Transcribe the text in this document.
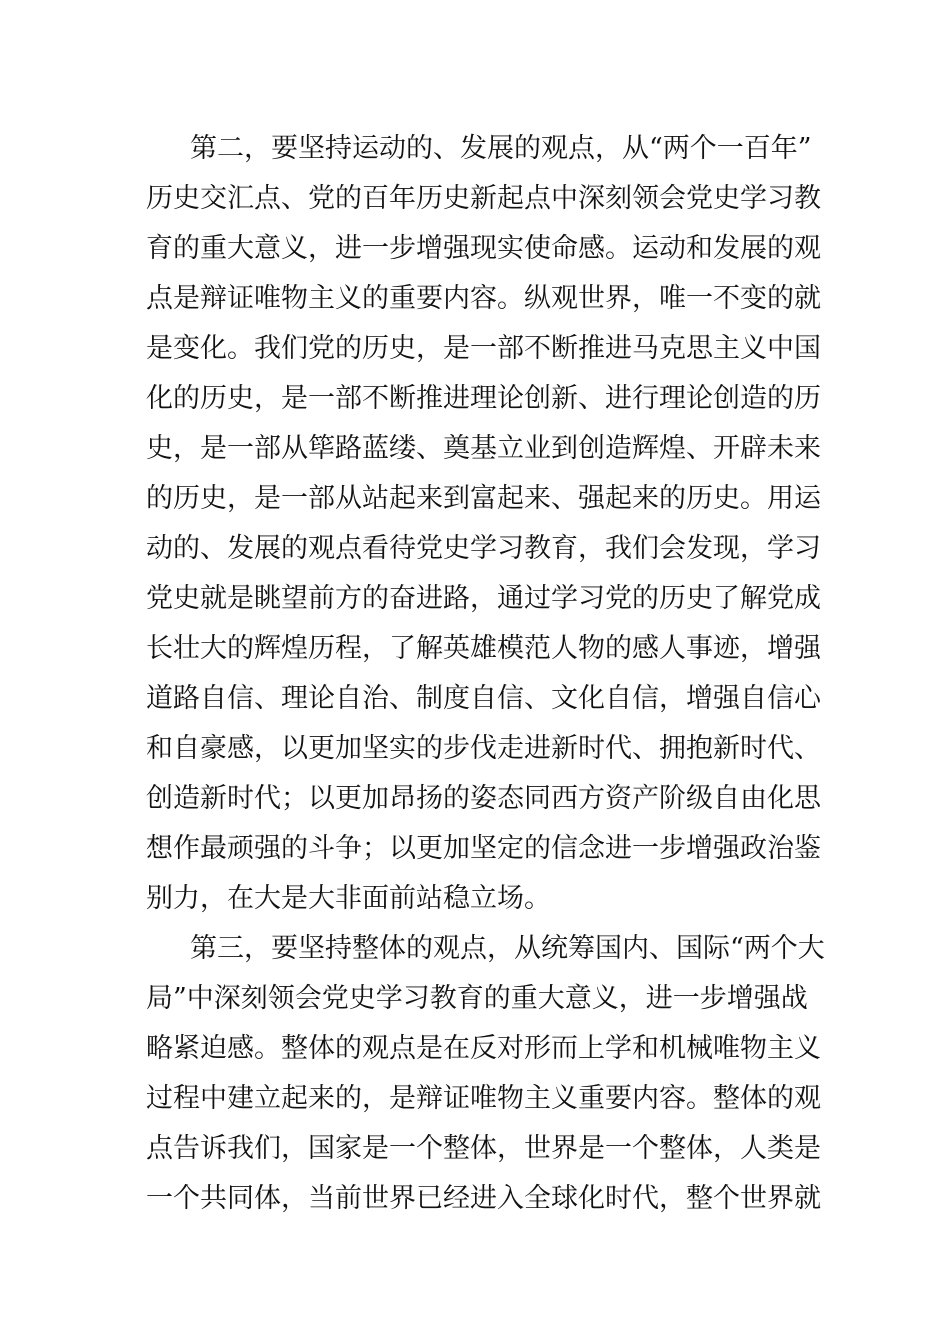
第二，要坚持运动的、发展的观点，从“两个一百年”
历史交汇点、党的百年历史新起点中深刻领会党史学习教
育的重大意义，进一步增强现实使命感。运动和发展的观
点是辩证唯物主义的重要内容。纵观世界，唯一不变的就
是变化。我们党的历史，是一部不断推进马克思主义中国
化的历史，是一部不断推进理论创新、进行理论创造的历
史，是一部从筚路蓝缕、奠基立业到创造辉煌、开辟未来
的历史，是一部从站起来到富起来、强起来的历史。用运
动的、发展的观点看待党史学习教育，我们会发现，学习
党史就是眺望前方的奋进路，通过学习党的历史了解党成
长壮大的辉煌历程，了解英雄模范人物的感人事迹，增强
道路自信、理论自治、制度自信、文化自信，增强自信心
和自豪感，以更加坚实的步伐走进新时代、拥抱新时代、
创造新时代；以更加昂扬的姿态同西方资产阶级自由化思
想作最顽强的斗争；以更加坚定的信念进一步增强政治鉴
别力，在大是大非面前站稳立场。
第三，要坚持整体的观点，从统筹国内、国际“两个大
局”中深刻领会党史学习教育的重大意义，进一步增强战
略紧迫感。整体的观点是在反对形而上学和机械唯物主义
过程中建立起来的，是辩证唯物主义重要内容。整体的观
点告诉我们，国家是一个整体，世界是一个整体，人类是
一个共同体，当前世界已经进入全球化时代，整个世界就
